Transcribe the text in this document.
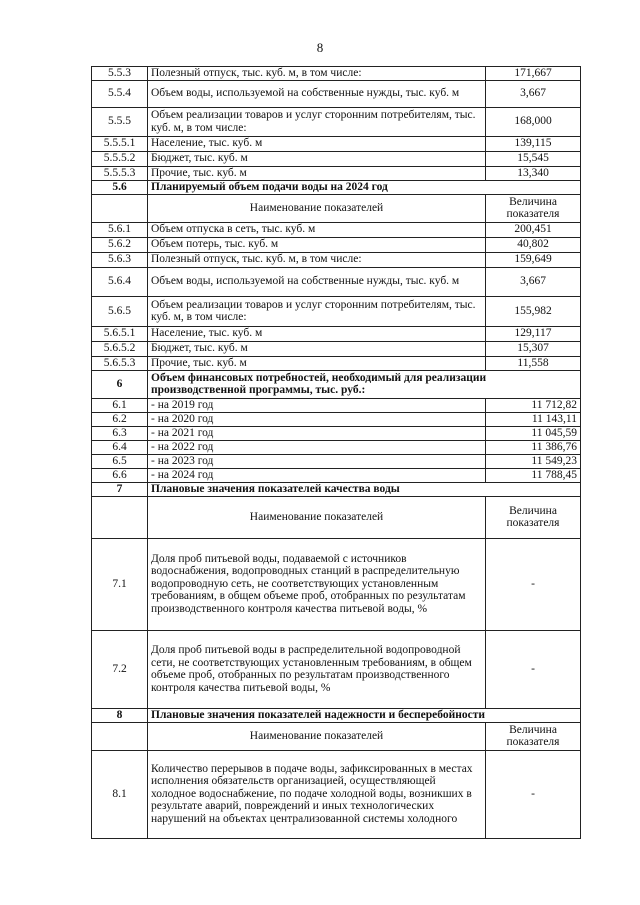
8
5.5.3	Полезный отпуск, тыс. куб. м, в том числе:	171,667
5.5.4	Объем воды, используемой на собственные нужды, тыс. куб. м	3,667
5.5.5	Объем реализации товаров и услуг сторонним потребителям, тыс. куб. м, в том числе:	168,000
5.5.5.1	Население, тыс. куб. м	139,115
5.5.5.2	Бюджет, тыс. куб. м	15,545
5.5.5.3	Прочие, тыс. куб. м	13,340
5.6	Планируемый объем подачи воды на 2024 год	
	Наименование показателей	Величина показателя
5.6.1	Объем отпуска в сеть, тыс. куб. м	200,451
5.6.2	Объем потерь, тыс. куб. м	40,802
5.6.3	Полезный отпуск, тыс. куб. м, в том числе:	159,649
5.6.4	Объем воды, используемой на собственные нужды, тыс. куб. м	3,667
5.6.5	Объем реализации товаров и услуг сторонним потребителям, тыс. куб. м, в том числе:	155,982
5.6.5.1	Население, тыс. куб. м	129,117
5.6.5.2	Бюджет, тыс. куб. м	15,307
5.6.5.3	Прочие, тыс. куб. м	11,558
6	Объем финансовых потребностей, необходимый для реализации производственной программы, тыс. руб.:	
6.1	- на 2019 год	11 712,82
6.2	- на 2020 год	11 143,11
6.3	- на 2021 год	11 045,59
6.4	- на 2022 год	11 386,76
6.5	- на 2023 год	11 549,23
6.6	- на 2024 год	11 788,45
7	Плановые значения показателей качества воды	
	Наименование показателей	Величина показателя
7.1	Доля проб питьевой воды, подаваемой с источников водоснабжения, водопроводных станций в распределительную водопроводную сеть, не соответствующих установленным требованиям, в общем объеме проб, отобранных по результатам производственного контроля качества питьевой воды, %	-
7.2	Доля проб питьевой воды в распределительной водопроводной сети, не соответствующих установленным требованиям, в общем объеме проб, отобранных по результатам производственного контроля качества питьевой воды, %	-
8	Плановые значения показателей надежности и бесперебойности	
	Наименование показателей	Величина показателя
8.1	Количество перерывов в подаче воды, зафиксированных в местах исполнения обязательств организацией, осуществляющей холодное водоснабжение, по подаче холодной воды, возникших в результате аварий, повреждений и иных технологических нарушений на объектах централизованной системы холодного	-
